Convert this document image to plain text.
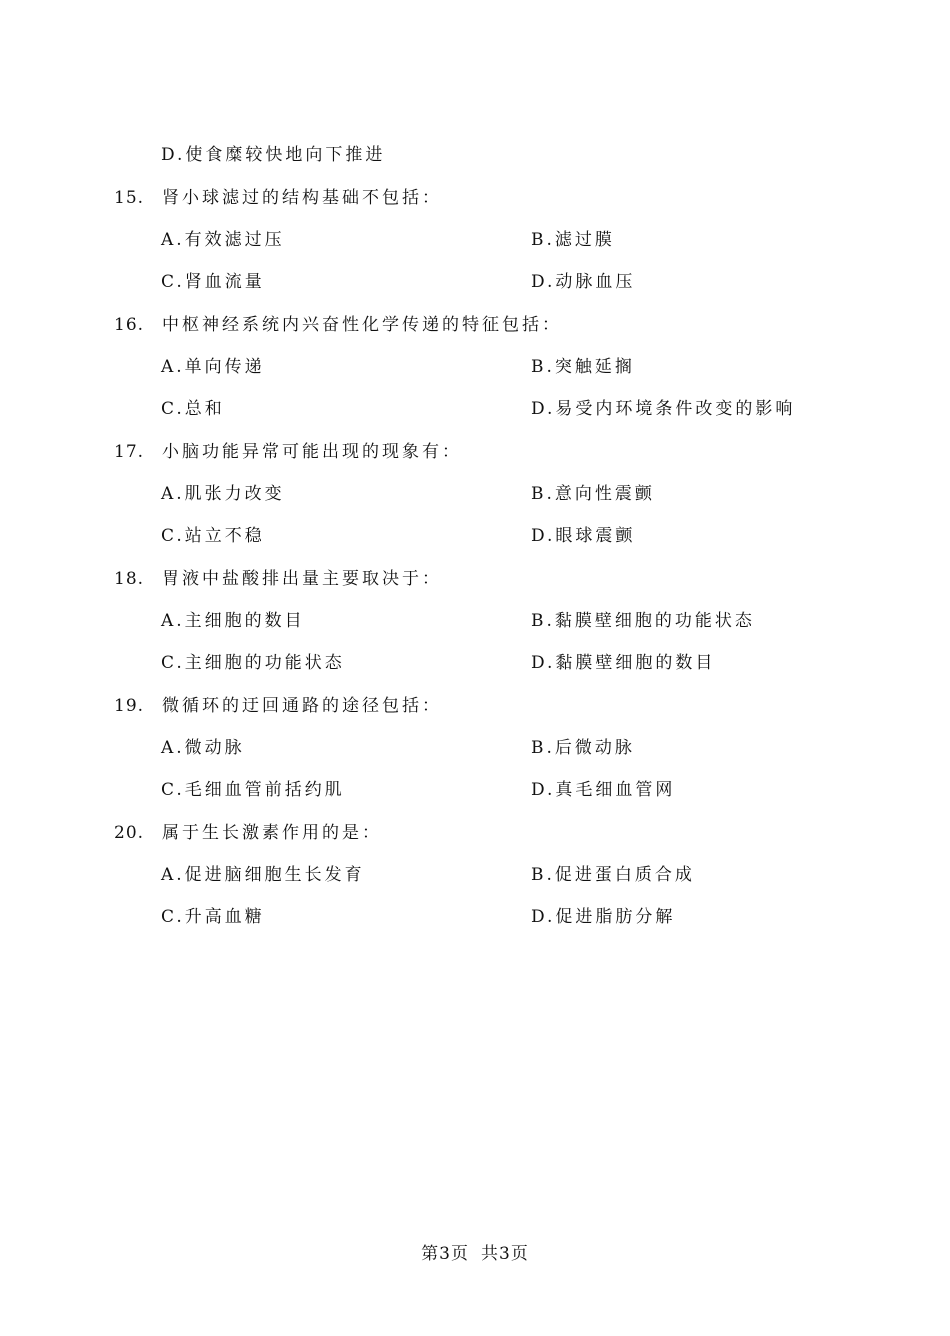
D.使食糜较快地向下推进
15. 肾小球滤过的结构基础不包括：
A.有效滤过压	B.滤过膜
C.肾血流量	D.动脉血压
16. 中枢神经系统内兴奋性化学传递的特征包括：
A.单向传递	B.突触延搁
C.总和	D.易受内环境条件改变的影响
17. 小脑功能异常可能出现的现象有：
A.肌张力改变	B.意向性震颤
C.站立不稳	D.眼球震颤
18. 胃液中盐酸排出量主要取决于：
A.主细胞的数目	B.黏膜壁细胞的功能状态
C.主细胞的功能状态	D.黏膜壁细胞的数目
19. 微循环的迂回通路的途径包括：
A.微动脉	B.后微动脉
C.毛细血管前括约肌	D.真毛细血管网
20. 属于生长激素作用的是：
A.促进脑细胞生长发育	B.促进蛋白质合成
C.升高血糖	D.促进脂肪分解
第3页 共3页
